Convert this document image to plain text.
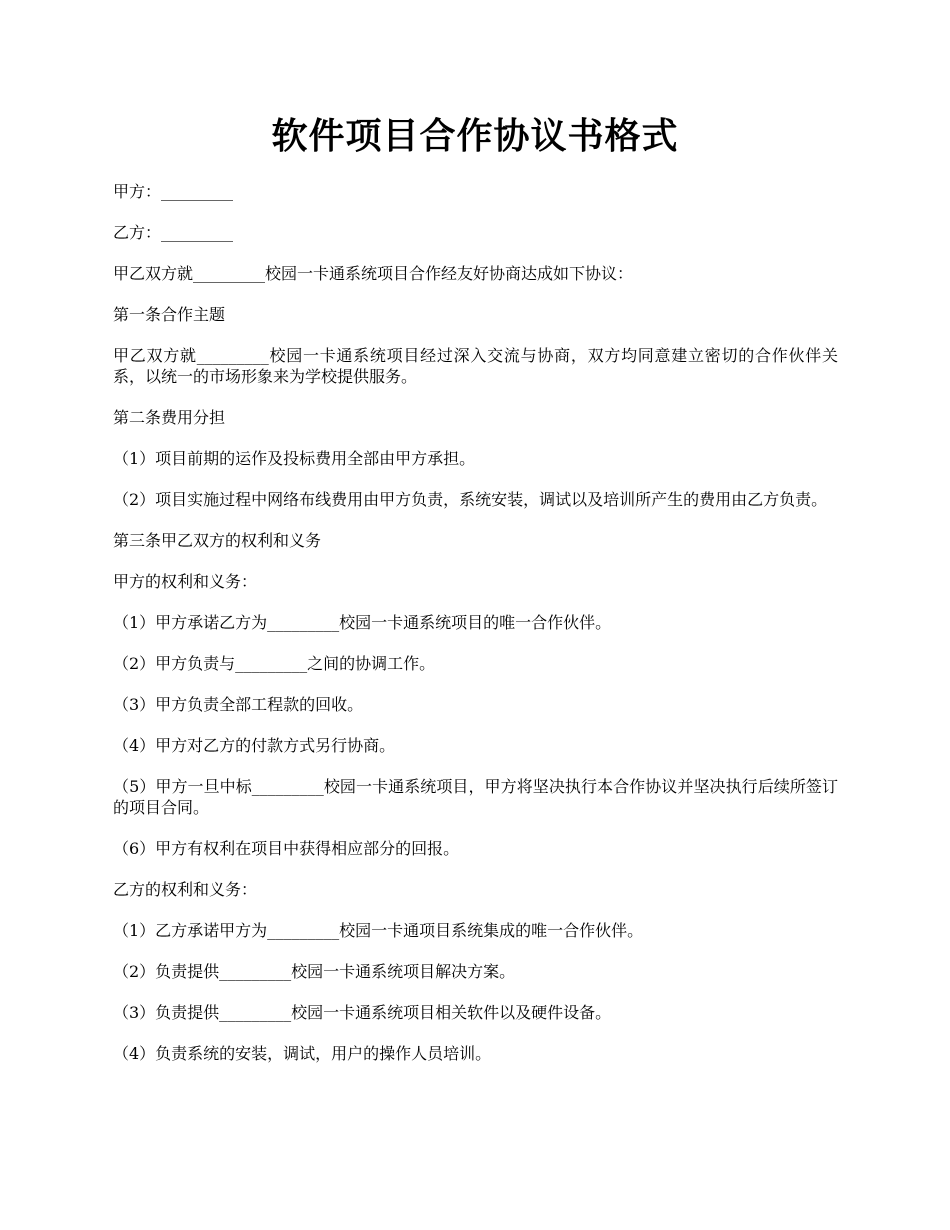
软件项目合作协议书格式

甲方：_________

乙方：_________

甲乙双方就_________校园一卡通系统项目合作经友好协商达成如下协议：

第一条合作主题

甲乙双方就_________校园一卡通系统项目经过深入交流与协商，双方均同意建立密切的合作伙伴关系，以统一的市场形象来为学校提供服务。

第二条费用分担

（1）项目前期的运作及投标费用全部由甲方承担。

（2）项目实施过程中网络布线费用由甲方负责，系统安装，调试以及培训所产生的费用由乙方负责。

第三条甲乙双方的权利和义务

甲方的权利和义务：

（1）甲方承诺乙方为_________校园一卡通系统项目的唯一合作伙伴。

（2）甲方负责与_________之间的协调工作。

（3）甲方负责全部工程款的回收。

（4）甲方对乙方的付款方式另行协商。

（5）甲方一旦中标_________校园一卡通系统项目，甲方将坚决执行本合作协议并坚决执行后续所签订的项目合同。

（6）甲方有权利在项目中获得相应部分的回报。

乙方的权利和义务：

（1）乙方承诺甲方为_________校园一卡通项目系统集成的唯一合作伙伴。

（2）负责提供_________校园一卡通系统项目解决方案。

（3）负责提供_________校园一卡通系统项目相关软件以及硬件设备。

（4）负责系统的安装，调试，用户的操作人员培训。
